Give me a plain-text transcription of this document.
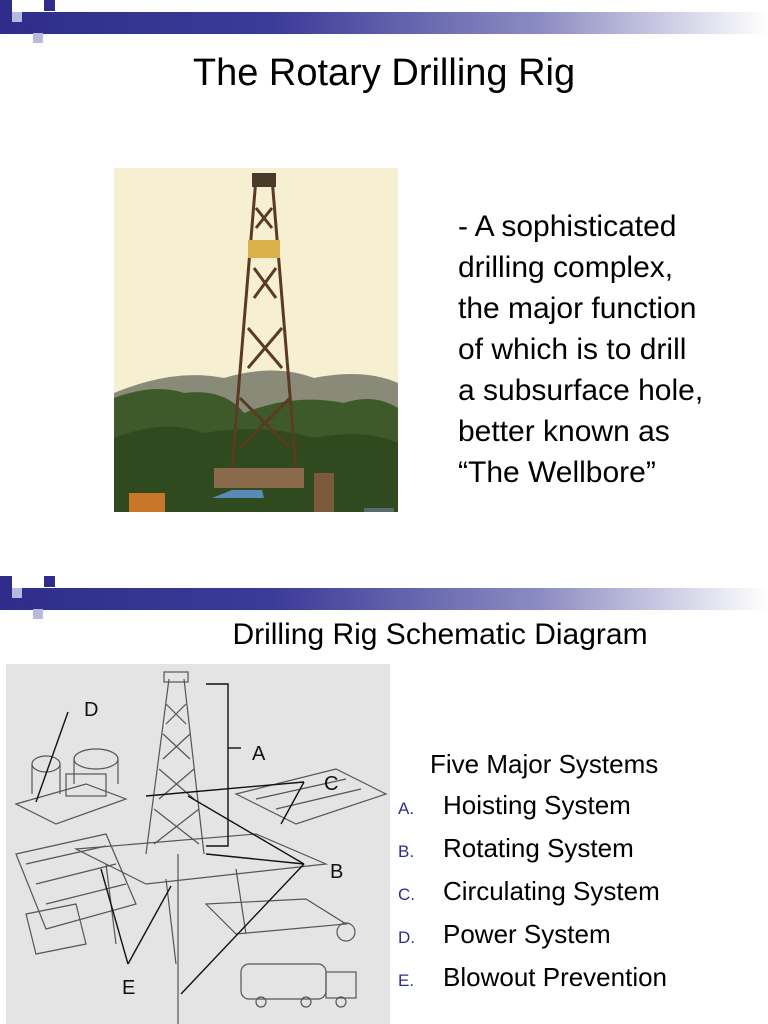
The Rotary Drilling Rig
- A sophisticated
drilling complex,
the major function
of which is to drill
a subsurface hole,
better known as
“The Wellbore”
Drilling Rig Schematic Diagram
D
A
C
B
E
Five Major Systems
A.	Hoisting System
B.	Rotating System
C.	Circulating System
D.	Power System
E.	Blowout Prevention
